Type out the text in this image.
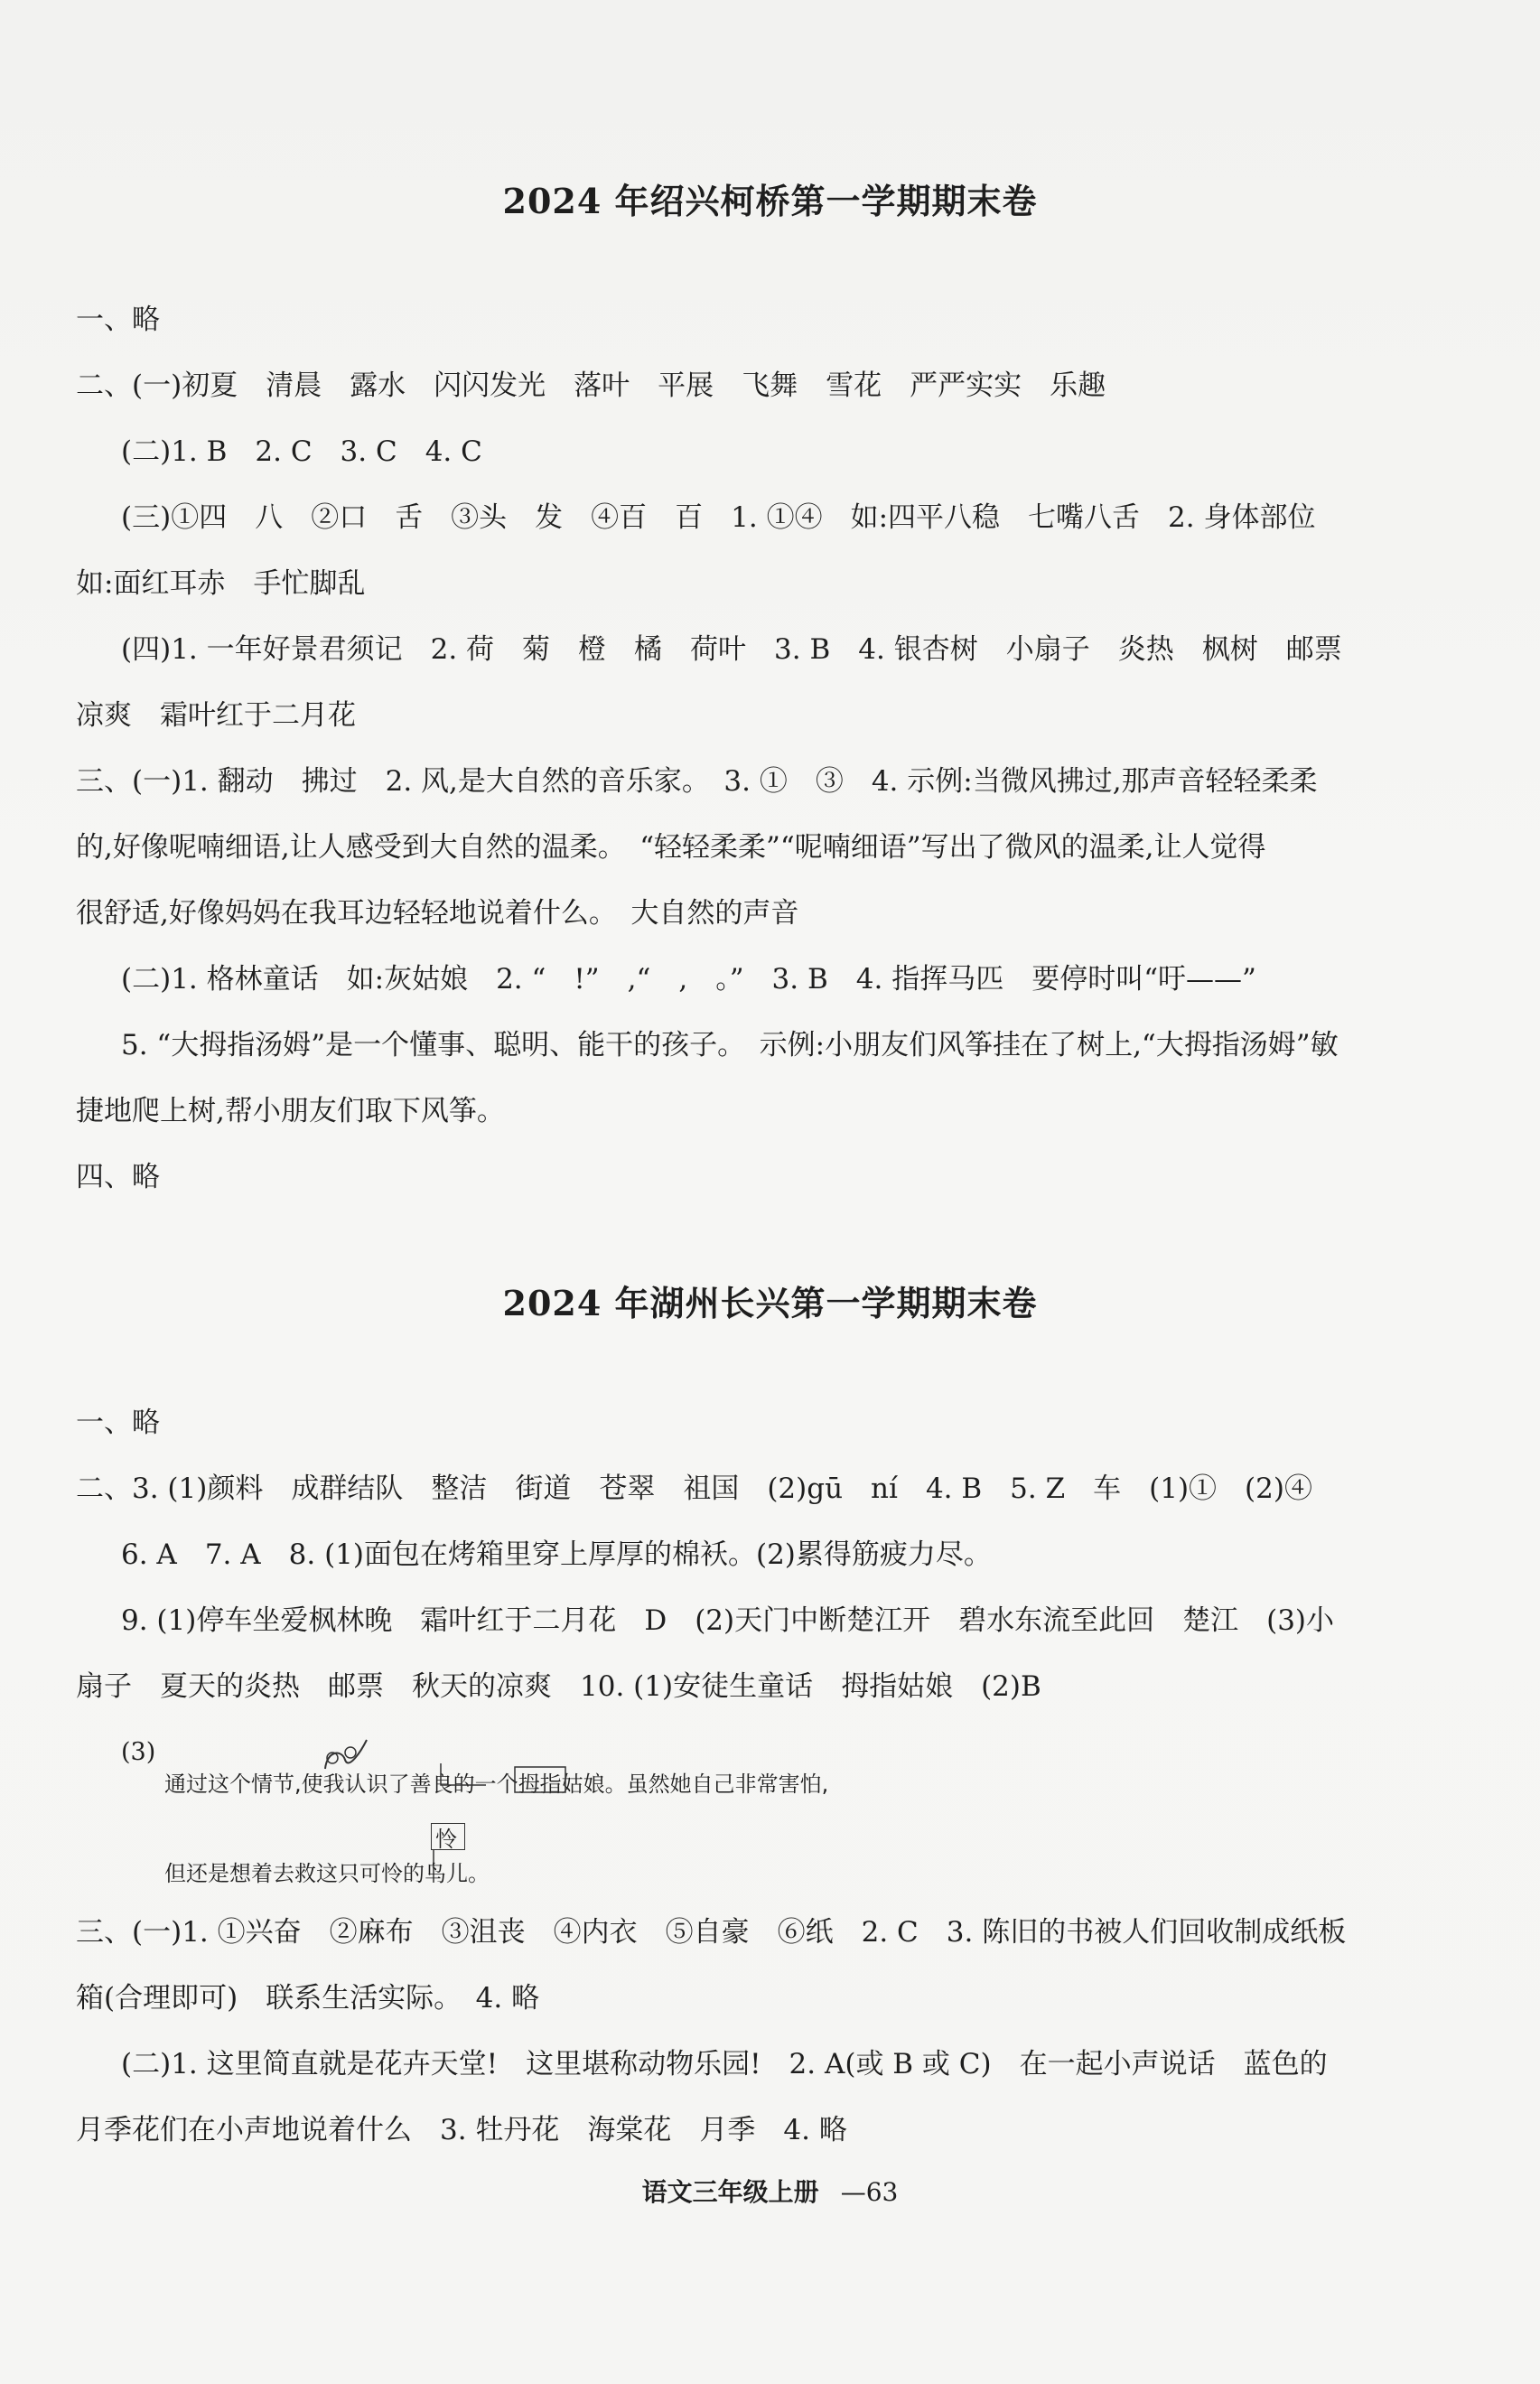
2024 年绍兴柯桥第一学期期末卷
一、略
二、(一)初夏　清晨　露水　闪闪发光　落叶　平展　飞舞　雪花　严严实实　乐趣
(二)1. B　2. C　3. C　4. C
(三)①四　八　②口　舌　③头　发　④百　百　1. ①④　如:四平八稳　七嘴八舌　2. 身体部位
如:面红耳赤　手忙脚乱
(四)1. 一年好景君须记　2. 荷　菊　橙　橘　荷叶　3. B　4. 银杏树　小扇子　炎热　枫树　邮票
凉爽　霜叶红于二月花
三、(一)1. 翻动　拂过　2. 风,是大自然的音乐家。　3. ①　③　4. 示例:当微风拂过,那声音轻轻柔柔
的,好像呢喃细语,让人感受到大自然的温柔。　“轻轻柔柔”“呢喃细语”写出了微风的温柔,让人觉得
很舒适,好像妈妈在我耳边轻轻地说着什么。　大自然的声音
(二)1. 格林童话　如:灰姑娘　2. “　!”　,“　,　。”　3. B　4. 指挥马匹　要停时叫“吁——”
5. “大拇指汤姆”是一个懂事、聪明、能干的孩子。　示例:小朋友们风筝挂在了树上,“大拇指汤姆”敏
捷地爬上树,帮小朋友们取下风筝。
四、略
2024 年湖州长兴第一学期期末卷
一、略
二、3. (1)颜料　成群结队　整洁　街道　苍翠　祖国　(2)gū　ní　4. B　5. Z　车　(1)①　(2)④
6. A　7. A　8. (1)面包在烤箱里穿上厚厚的棉袄。(2)累得筋疲力尽。
9. (1)停车坐爱枫林晚　霜叶红于二月花　D　(2)天门中断楚江开　碧水东流至此回　楚江　(3)小
扇子　夏天的炎热　邮票　秋天的凉爽　10. (1)安徒生童话　拇指姑娘　(2)B
(3)
通过这个情节,使我认识了善良的一个拇指姑娘。虽然她自己非常害怕,
怜
但还是想着去救这只可怜的鸟儿。
三、(一)1. ①兴奋　②麻布　③沮丧　④内衣　⑤自豪　⑥纸　2. C　3. 陈旧的书被人们回收制成纸板
箱(合理即可)　联系生活实际。　4. 略
(二)1. 这里简直就是花卉天堂!　这里堪称动物乐园!　2. A(或 B 或 C)　在一起小声说话　蓝色的
月季花们在小声地说着什么　3. 牡丹花　海棠花　月季　4. 略
语文三年级上册 —63
